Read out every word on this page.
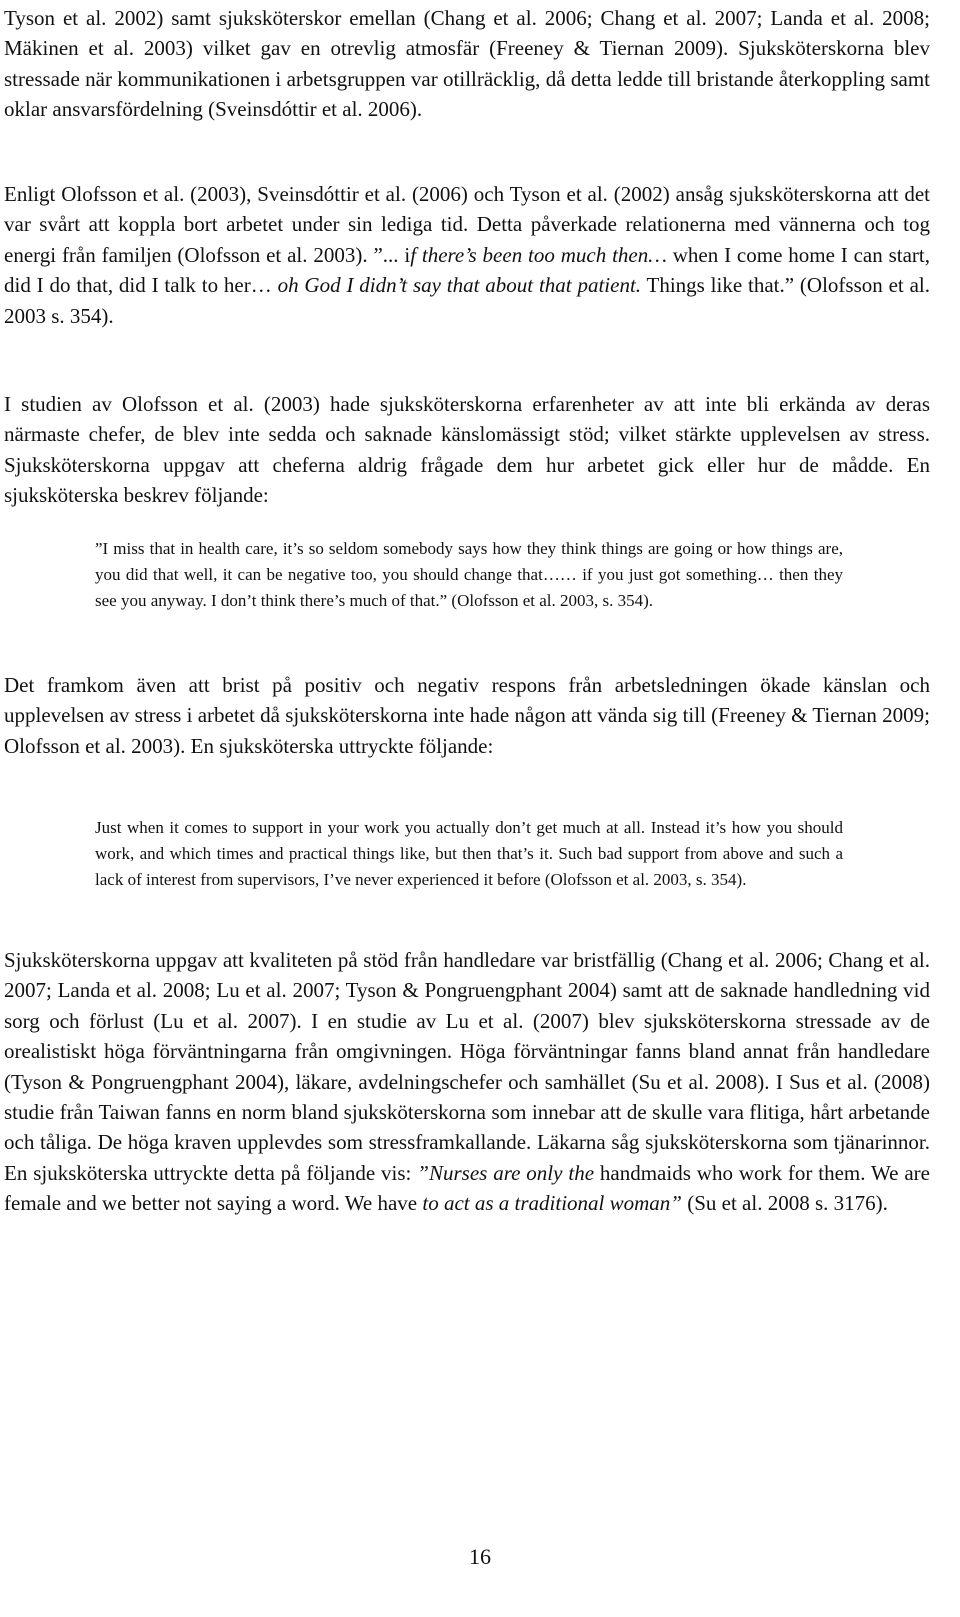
Tyson et al. 2002) samt sjuksköterskor emellan (Chang et al. 2006; Chang et al. 2007; Landa et al. 2008; Mäkinen et al. 2003) vilket gav en otrevlig atmosfär (Freeney & Tiernan 2009). Sjuksköterskorna blev stressade när kommunikationen i arbetsgruppen var otillräcklig, då detta ledde till bristande återkoppling samt oklar ansvarsfördelning (Sveinsdóttir et al. 2006).

Enligt Olofsson et al. (2003), Sveinsdóttir et al. (2006) och Tyson et al. (2002) ansåg sjuksköterskorna att det var svårt att koppla bort arbetet under sin lediga tid. Detta påverkade relationerna med vännerna och tog energi från familjen (Olofsson et al. 2003). ”... if there’s been too much then… when I come home I can start, did I do that, did I talk to her… oh God I didn’t say that about that patient. Things like that.” (Olofsson et al. 2003 s. 354).

I studien av Olofsson et al. (2003) hade sjuksköterskorna erfarenheter av att inte bli erkända av deras närmaste chefer, de blev inte sedda och saknade känslomässigt stöd; vilket stärkte upplevelsen av stress. Sjuksköterskorna uppgav att cheferna aldrig frågade dem hur arbetet gick eller hur de mådde. En sjuksköterska beskrev följande:

”I miss that in health care, it’s so seldom somebody says how they think things are going or how things are, you did that well, it can be negative too, you should change that…… if you just got something… then they see you anyway. I don’t think there’s much of that.” (Olofsson et al. 2003, s. 354).

Det framkom även att brist på positiv och negativ respons från arbetsledningen ökade känslan och upplevelsen av stress i arbetet då sjuksköterskorna inte hade någon att vända sig till (Freeney & Tiernan 2009; Olofsson et al. 2003). En sjuksköterska uttryckte följande:

Just when it comes to support in your work you actually don’t get much at all. Instead it’s how you should work, and which times and practical things like, but then that’s it. Such bad support from above and such a lack of interest from supervisors, I’ve never experienced it before (Olofsson et al. 2003, s. 354).

Sjuksköterskorna uppgav att kvaliteten på stöd från handledare var bristfällig (Chang et al. 2006; Chang et al. 2007; Landa et al. 2008; Lu et al. 2007; Tyson & Pongruengphant 2004) samt att de saknade handledning vid sorg och förlust (Lu et al. 2007). I en studie av Lu et al. (2007) blev sjuksköterskorna stressade av de orealistiskt höga förväntningarna från omgivningen. Höga förväntningar fanns bland annat från handledare (Tyson & Pongruengphant 2004), läkare, avdelningschefer och samhället (Su et al. 2008). I Sus et al. (2008) studie från Taiwan fanns en norm bland sjuksköterskorna som innebar att de skulle vara flitiga, hårt arbetande och tåliga. De höga kraven upplevdes som stressframkallande. Läkarna såg sjuksköterskorna som tjänarinnor. En sjuksköterska uttryckte detta på följande vis: ”Nurses are only the handmaids who work for them. We are female and we better not saying a word. We have to act as a traditional woman” (Su et al. 2008 s. 3176).

16
